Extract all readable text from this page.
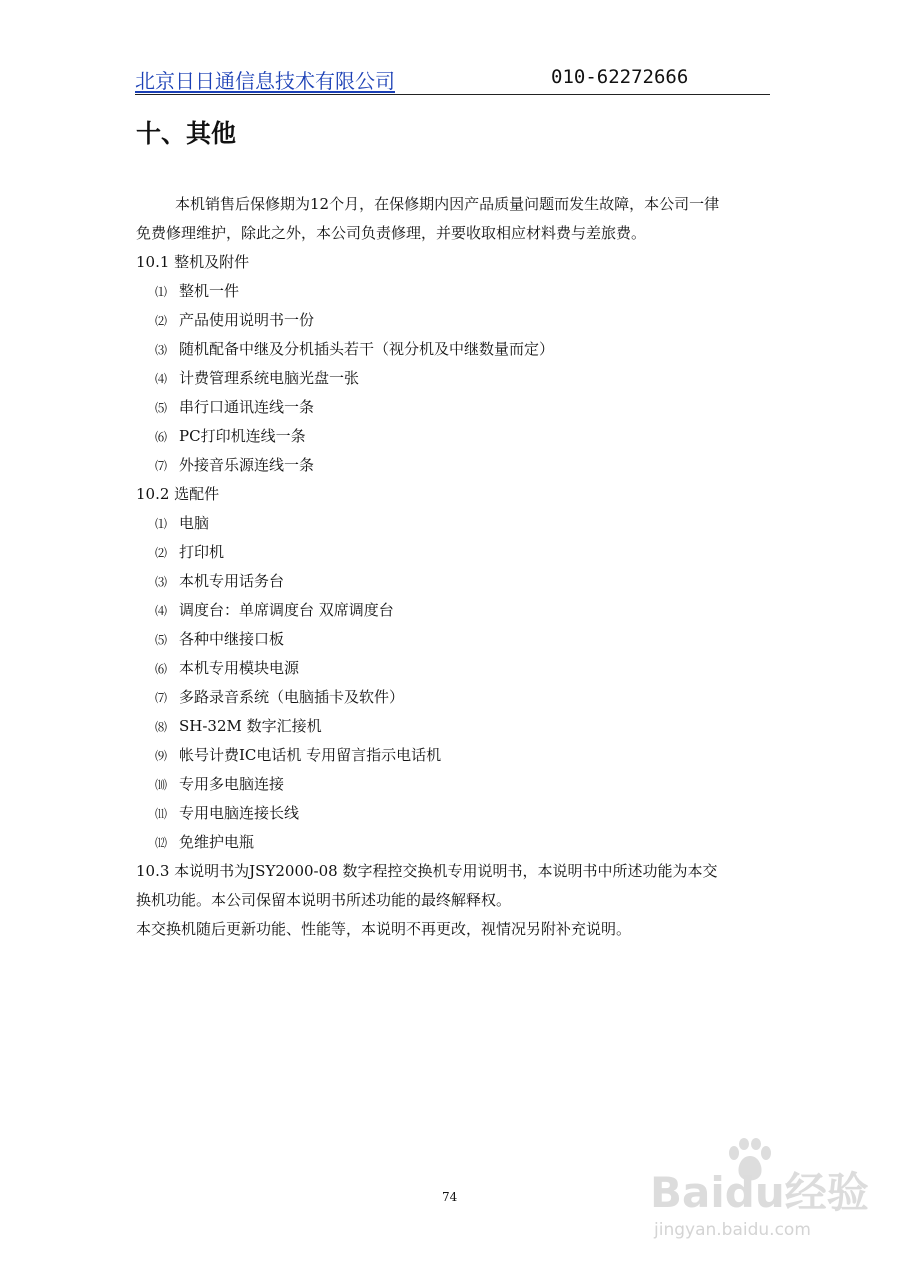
北京日日通信息技术有限公司	010-62272666
十、其他
本机销售后保修期为12个月，在保修期内因产品质量问题而发生故障，本公司一律
免费修理维护，除此之外，本公司负责修理，并要收取相应材料费与差旅费。
10.1 整机及附件
⑴ 整机一件
⑵ 产品使用说明书一份
⑶ 随机配备中继及分机插头若干（视分机及中继数量而定）
⑷ 计费管理系统电脑光盘一张
⑸ 串行口通讯连线一条
⑹ PC打印机连线一条
⑺ 外接音乐源连线一条
10.2 选配件
⑴ 电脑
⑵ 打印机
⑶ 本机专用话务台
⑷ 调度台：单席调度台 双席调度台
⑸ 各种中继接口板
⑹ 本机专用模块电源
⑺ 多路录音系统（电脑插卡及软件）
⑻ SH-32M 数字汇接机
⑼ 帐号计费IC电话机 专用留言指示电话机
⑽ 专用多电脑连接
⑾ 专用电脑连接长线
⑿ 免维护电瓶
10.3 本说明书为JSY2000-08 数字程控交换机专用说明书，本说明书中所述功能为本交
换机功能。本公司保留本说明书所述功能的最终解释权。
本交换机随后更新功能、性能等，本说明不再更改，视情况另附补充说明。
74	Baidu经验
jingyan.baidu.com
